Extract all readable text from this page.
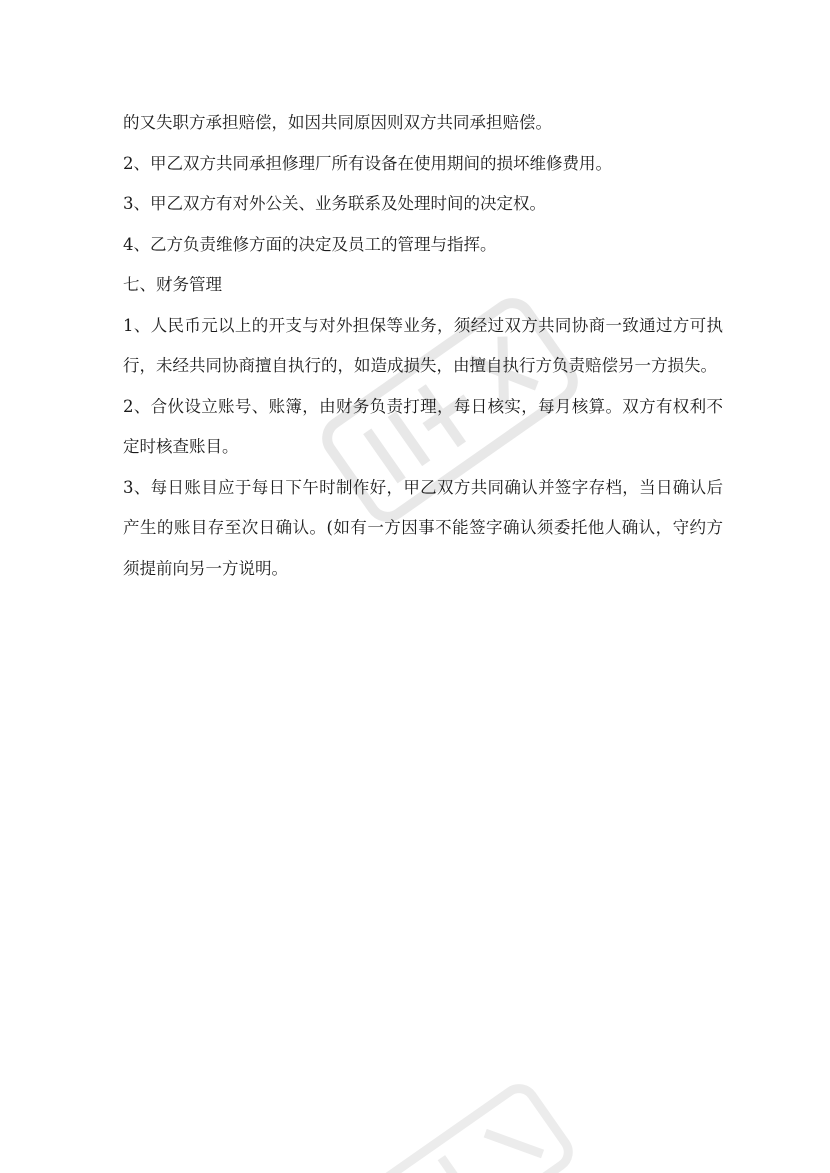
的又失职方承担赔偿，如因共同原因则双方共同承担赔偿。

2、甲乙双方共同承担修理厂所有设备在使用期间的损坏维修费用。

3、甲乙双方有对外公关、业务联系及处理时间的决定权。

4、乙方负责维修方面的决定及员工的管理与指挥。

七、财务管理

1、人民币元以上的开支与对外担保等业务，须经过双方共同协商一致通过方可执行，未经共同协商擅自执行的，如造成损失，由擅自执行方负责赔偿另一方损失。

2、合伙设立账号、账簿，由财务负责打理，每日核实，每月核算。双方有权利不定时核查账目。

3、每日账目应于每日下午时制作好，甲乙双方共同确认并签字存档，当日确认后产生的账目存至次日确认。(如有一方因事不能签字确认须委托他人确认，守约方须提前向另一方说明。
